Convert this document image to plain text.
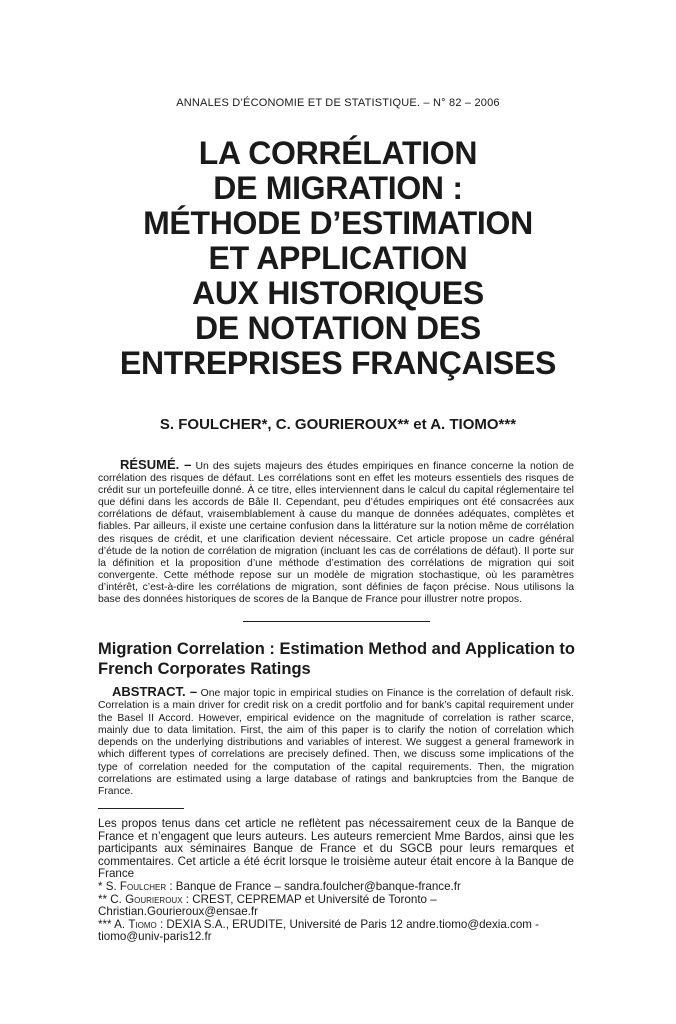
ANNALES D’ÉCONOMIE ET DE STATISTIQUE. – N° 82 – 2006
LA CORRÉLATION
DE MIGRATION :
MÉTHODE D’ESTIMATION
ET APPLICATION
AUX HISTORIQUES
DE NOTATION DES
ENTREPRISES FRANÇAISES
S. FOULCHER*, C. GOURIEROUX** et A. TIOMO***

RÉSUMÉ. – Un des sujets majeurs des études empiriques en finance concerne la notion de corrélation des risques de défaut. Les corrélations sont en effet les moteurs essentiels des risques de crédit sur un portefeuille donné. À ce titre, elles interviennent dans le calcul du capital réglementaire tel que défini dans les accords de Bâle II. Cependant, peu d’études empiriques ont été consacrées aux corrélations de défaut, vraisemblablement à cause du manque de données adéquates, complètes et fiables. Par ailleurs, il existe une certaine confusion dans la littérature sur la notion même de corrélation des risques de crédit, et une clarification devient nécessaire. Cet article propose un cadre général d’étude de la notion de corrélation de migration (incluant les cas de corrélations de défaut). Il porte sur la définition et la proposition d’une méthode d’estimation des corrélations de migration qui soit convergente. Cette méthode repose sur un modèle de migration stochastique, où les paramètres d’intérêt, c’est-à-dire les corrélations de migration, sont définies de façon précise. Nous utilisons la base des données historiques de scores de la Banque de France pour illustrer notre propos.

Migration Correlation : Estimation Method and Application to French Corporates Ratings

ABSTRACT. – One major topic in empirical studies on Finance is the correlation of default risk. Correlation is a main driver for credit risk on a credit portfolio and for bank’s capital requirement under the Basel II Accord. However, empirical evidence on the magnitude of correlation is rather scarce, mainly due to data limitation. First, the aim of this paper is to clarify the notion of correlation which depends on the underlying distributions and variables of interest. We suggest a general framework in which different types of correlations are precisely defined. Then, we discuss some implications of the type of correlation needed for the computation of the capital requirements. Then, the migration correlations are estimated using a large database of ratings and bankruptcies from the Banque de France.

Les propos tenus dans cet article ne reflètent pas nécessairement ceux de la Banque de France et n’engagent que leurs auteurs. Les auteurs remercient Mme Bardos, ainsi que les participants aux séminaires Banque de France et du SGCB pour leurs remarques et commentaires. Cet article a été écrit lorsque le troisième auteur était encore à la Banque de France

* S. Foulcher : Banque de France – sandra.foulcher@banque-france.fr

** C. Gourieroux : CREST, CEPREMAP et Université de Toronto – Christian.Gourieroux@ensae.fr

*** A. Tiomo : DEXIA S.A., ERUDITE, Université de Paris 12 andre.tiomo@dexia.com - tiomo@univ-paris12.fr
